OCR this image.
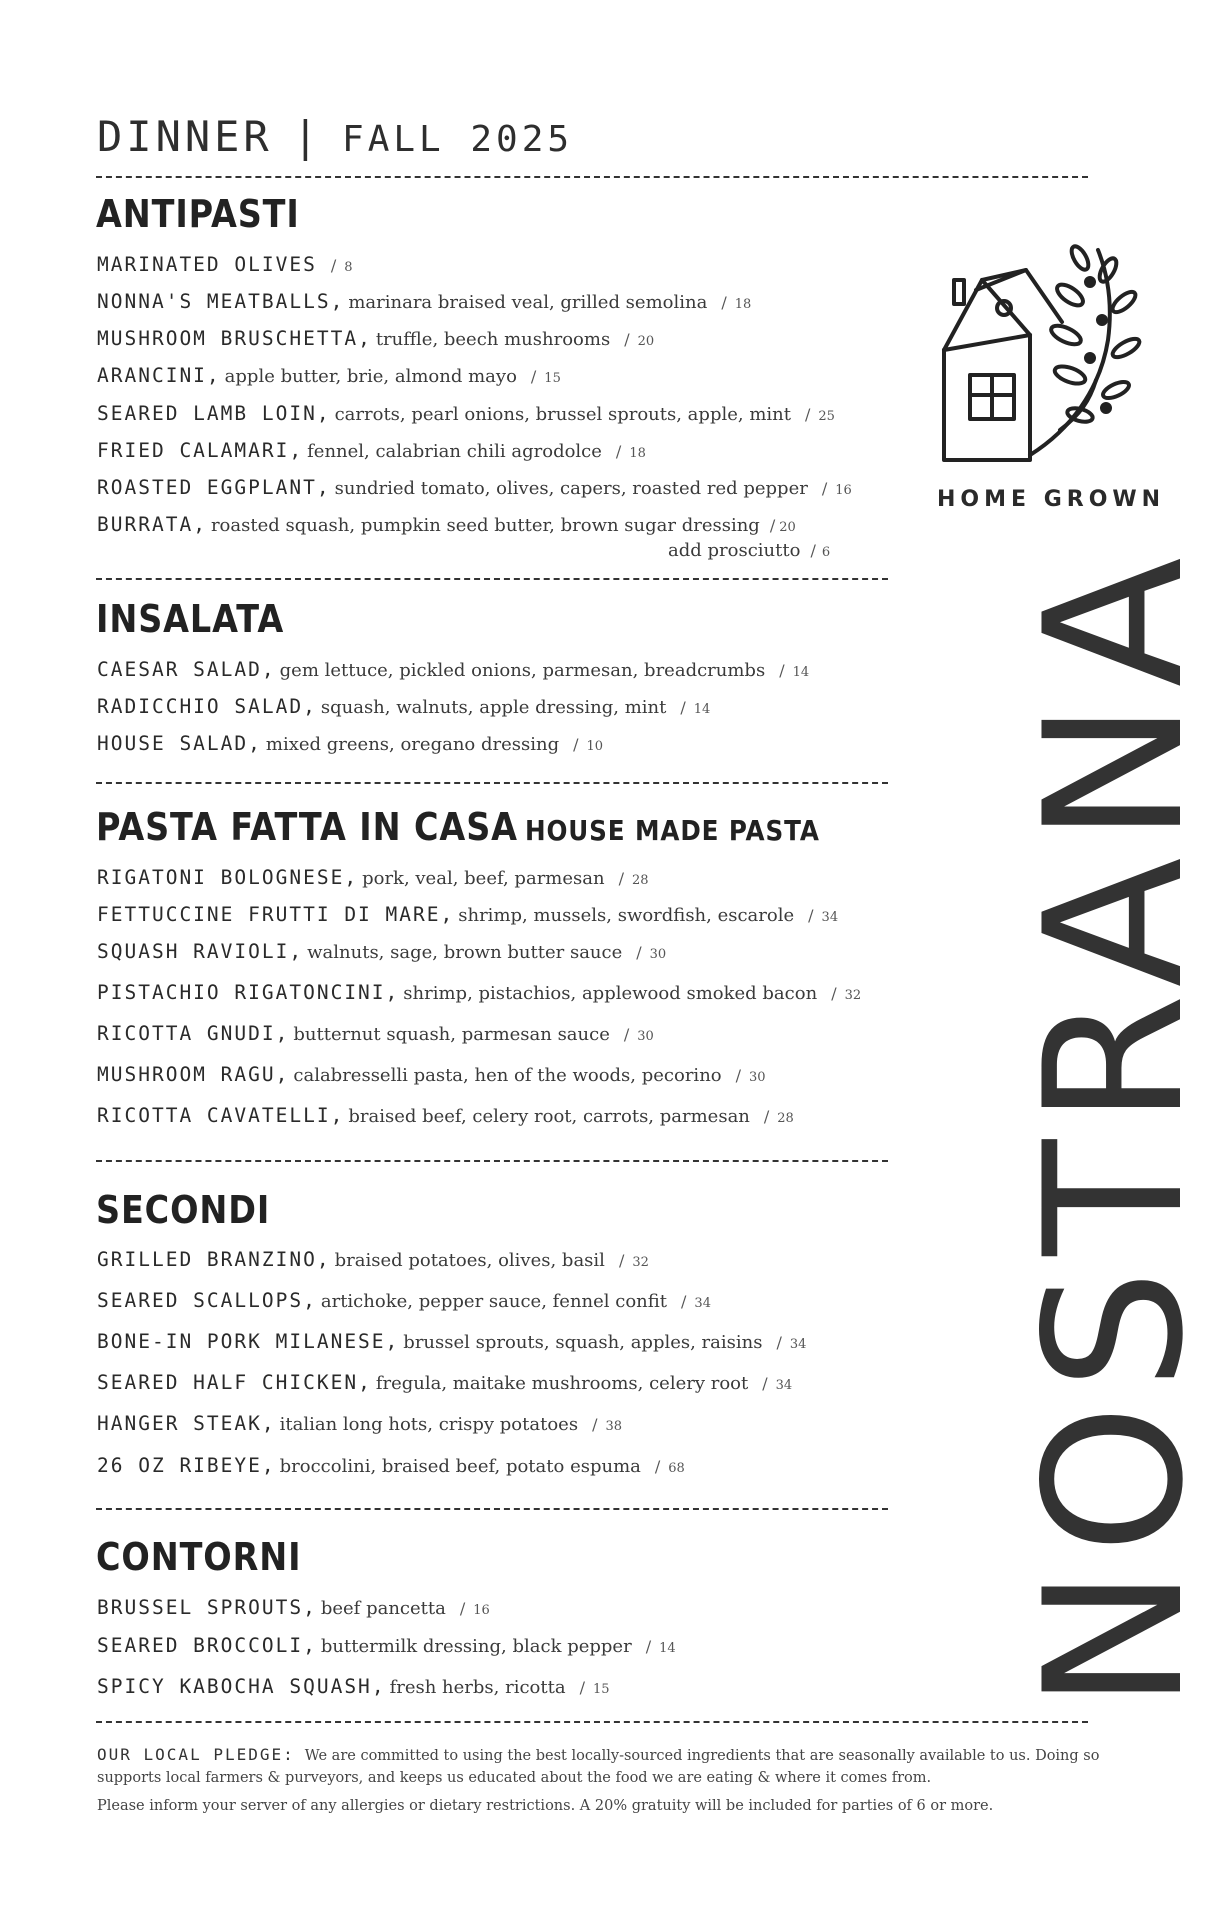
DINNER | FALL 2025
ANTIPASTI
MARINATED OLIVES / 8
NONNA'S MEATBALLS, marinara braised veal, grilled semolina / 18
MUSHROOM BRUSCHETTA, truffle, beech mushrooms / 20
ARANCINI, apple butter, brie, almond mayo / 15
SEARED LAMB LOIN, carrots, pearl onions, brussel sprouts, apple, mint / 25
FRIED CALAMARI, fennel, calabrian chili agrodolce / 18
ROASTED EGGPLANT, sundried tomato, olives, capers, roasted red pepper / 16
BURRATA, roasted squash, pumpkin seed butter, brown sugar dressing / 20
add prosciutto / 6
INSALATA
CAESAR SALAD, gem lettuce, pickled onions, parmesan, breadcrumbs / 14
RADICCHIO SALAD, squash, walnuts, apple dressing, mint / 14
HOUSE SALAD, mixed greens, oregano dressing / 10
PASTA FATTA IN CASA HOUSE MADE PASTA
RIGATONI BOLOGNESE, pork, veal, beef, parmesan / 28
FETTUCCINE FRUTTI DI MARE, shrimp, mussels, swordfish, escarole / 34
SQUASH RAVIOLI, walnuts, sage, brown butter sauce / 30
PISTACHIO RIGATONCINI, shrimp, pistachios, applewood smoked bacon / 32
RICOTTA GNUDI, butternut squash, parmesan sauce / 30
MUSHROOM RAGU, calabresselli pasta, hen of the woods, pecorino / 30
RICOTTA CAVATELLI, braised beef, celery root, carrots, parmesan / 28
SECONDI
GRILLED BRANZINO, braised potatoes, olives, basil / 32
SEARED SCALLOPS, artichoke, pepper sauce, fennel confit / 34
BONE-IN PORK MILANESE, brussel sprouts, squash, apples, raisins / 34
SEARED HALF CHICKEN, fregula, maitake mushrooms, celery root / 34
HANGER STEAK, italian long hots, crispy potatoes / 38
26 OZ RIBEYE, broccolini, braised beef, potato espuma / 68
CONTORNI
BRUSSEL SPROUTS, beef pancetta / 16
SEARED BROCCOLI, buttermilk dressing, black pepper / 14
SPICY KABOCHA SQUASH, fresh herbs, ricotta / 15
HOME GROWN
NOSTRANA
OUR LOCAL PLEDGE: We are committed to using the best locally-sourced ingredients that are seasonally available to us. Doing so supports local farmers & purveyors, and keeps us educated about the food we are eating & where it comes from.
Please inform your server of any allergies or dietary restrictions. A 20% gratuity will be included for parties of 6 or more.
